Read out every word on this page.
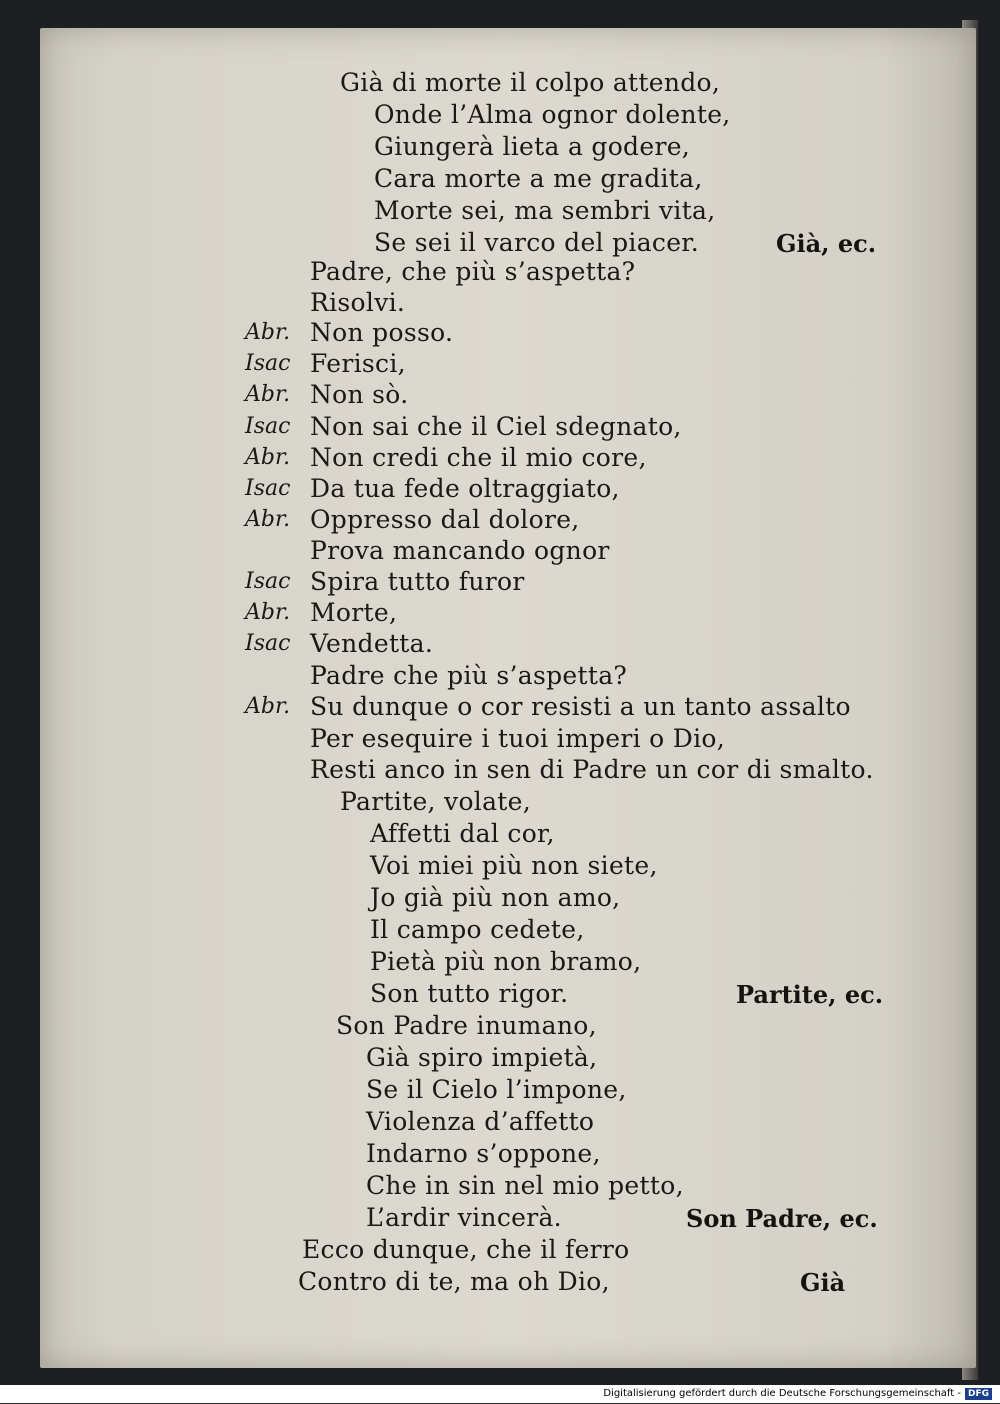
Già di morte il colpo attendo,
Onde l’Alma ognor dolente,
Giungerà lieta a godere,
Cara morte a me gradita,
Morte sei, ma sembri vita,
Se sei il varco del piacer.	Già, ec.
Padre, che più s’aspetta?
Risolvi.
Abr. Non posso.
Isac Ferisci,
Abr. Non sò.
Isac Non sai che il Ciel sdegnato,
Abr. Non credi che il mio core,
Isac Da tua fede oltraggiato,
Abr. Oppresso dal dolore,
Prova mancando ognor
Isac Spira tutto furor
Abr. Morte,
Isac Vendetta.
Padre che più s’aspetta?
Abr. Su dunque o cor resisti a un tanto assalto
Per esequire i tuoi imperi o Dio,
Resti anco in sen di Padre un cor di smalto.
Partite, volate,
Affetti dal cor,
Voi miei più non siete,
Jo già più non amo,
Il campo cedete,
Pietà più non bramo,
Son tutto rigor.	Partite, ec.
Son Padre inumano,
Già spiro impietà,
Se il Cielo l’impone,
Violenza d’affetto
Indarno s’oppone,
Che in sin nel mio petto,
L’ardir vincerà.	Son Padre, ec.
Ecco dunque, che il ferro
Contro di te, ma oh Dio,	Già
Digitalisierung gefördert durch die Deutsche Forschungsgemeinschaft - DFG
